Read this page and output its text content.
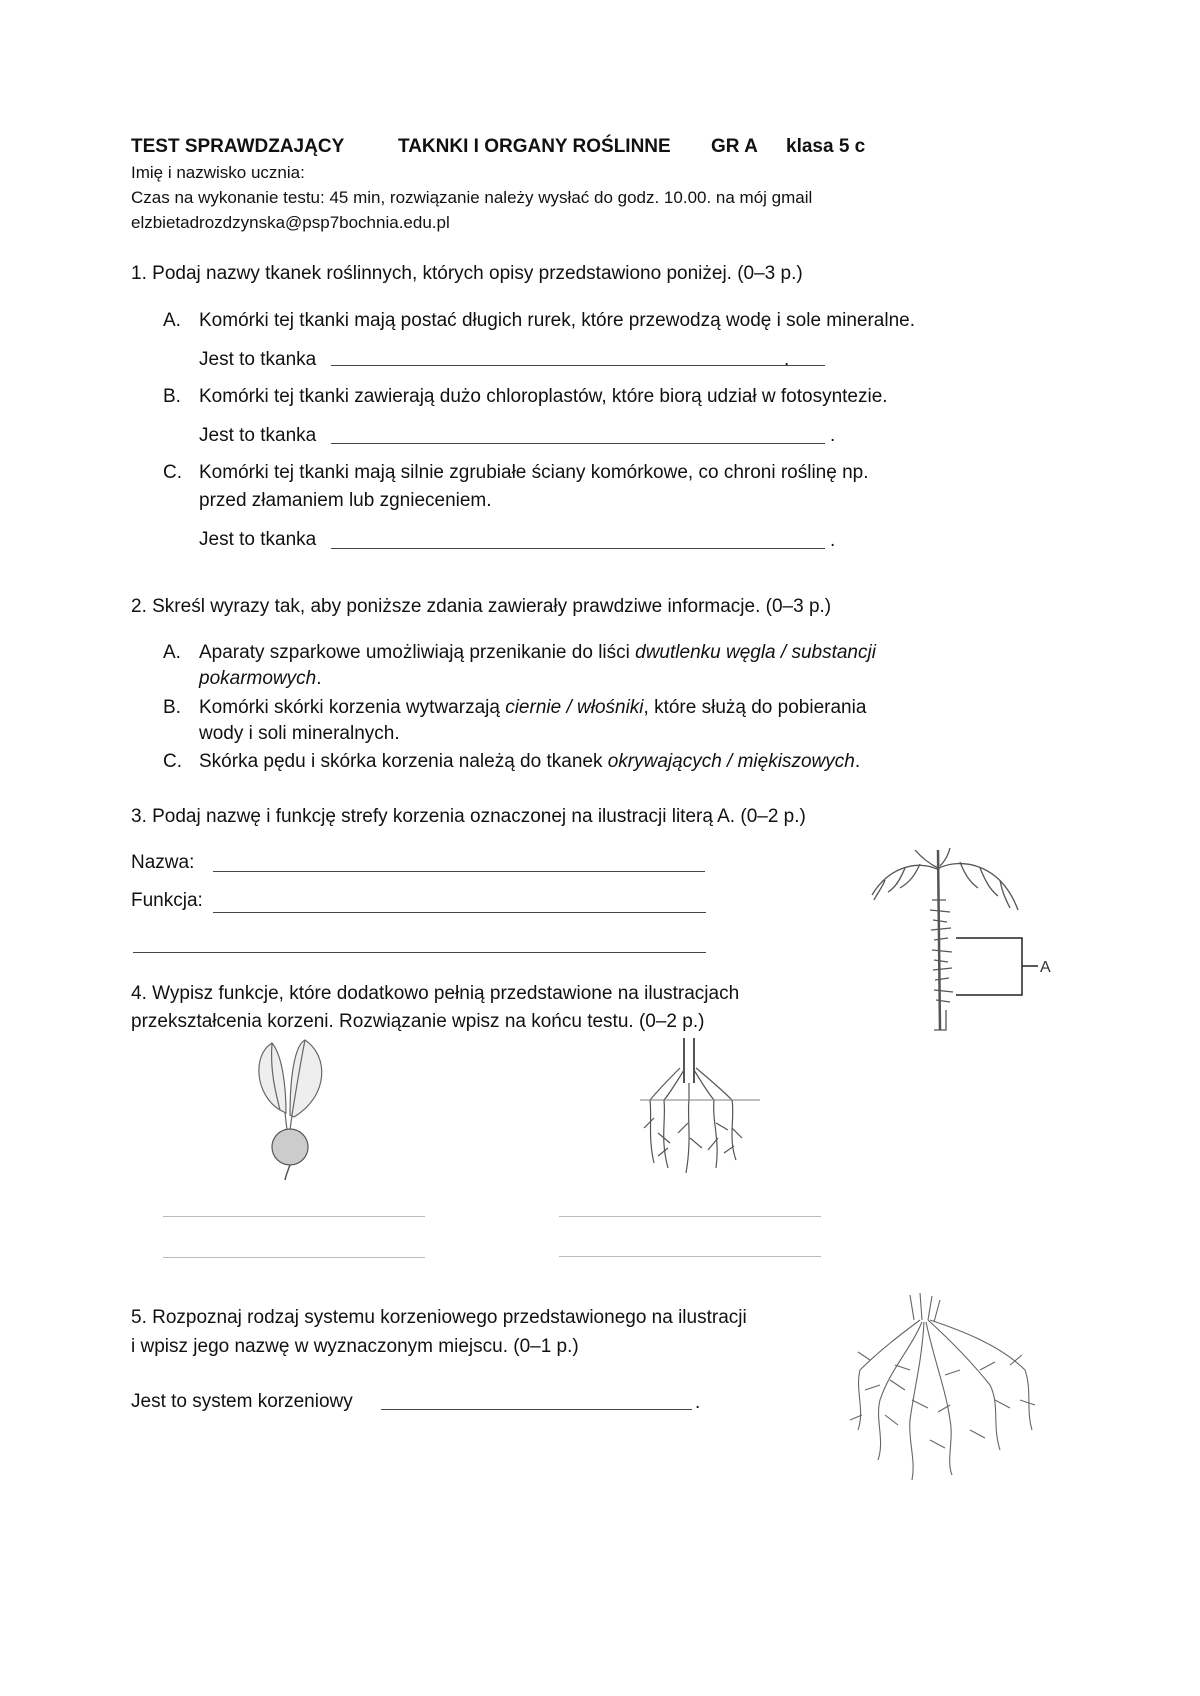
TEST SPRAWDZAJĄCY	TAKNKI I ORGANY ROŚLINNE GR A klasa 5 c
Imię i nazwisko ucznia:
Czas na wykonanie testu: 45 min, rozwiązanie należy wysłać do godz. 10.00. na mój gmail
elzbietadrozdzynska@psp7bochnia.edu.pl
1. Podaj nazwy tkanek roślinnych, których opisy przedstawiono poniżej. (0–3 p.)
A. Komórki tej tkanki mają postać długich rurek, które przewodzą wodę i sole mineralne.
Jest to tkanka	.
B. Komórki tej tkanki zawierają dużo chloroplastów, które biorą udział w fotosyntezie.
Jest to tkanka	.
C. Komórki tej tkanki mają silnie zgrubiałe ściany komórkowe, co chroni roślinę np.
przed złamaniem lub zgnieceniem.
Jest to tkanka	.
2. Skreśl wyrazy tak, aby poniższe zdania zawierały prawdziwe informacje. (0–3 p.)
A. Aparaty szparkowe umożliwiają przenikanie do liści dwutlenku węgla / substancji
pokarmowych.
B. Komórki skórki korzenia wytwarzają ciernie / włośniki, które służą do pobierania
wody i soli mineralnych.
C. Skórka pędu i skórka korzenia należą do tkanek okrywających / miękiszowych.
3. Podaj nazwę i funkcję strefy korzenia oznaczonej na ilustracji literą A. (0–2 p.)
Nazwa:
Funkcja:
A
4. Wypisz funkcje, które dodatkowo pełnią przedstawione na ilustracjach
przekształcenia korzeni. Rozwiązanie wpisz na końcu testu. (0–2 p.)
5. Rozpoznaj rodzaj systemu korzeniowego przedstawionego na ilustracji
i wpisz jego nazwę w wyznaczonym miejscu. (0–1 p.)
Jest to system korzeniowy	.
